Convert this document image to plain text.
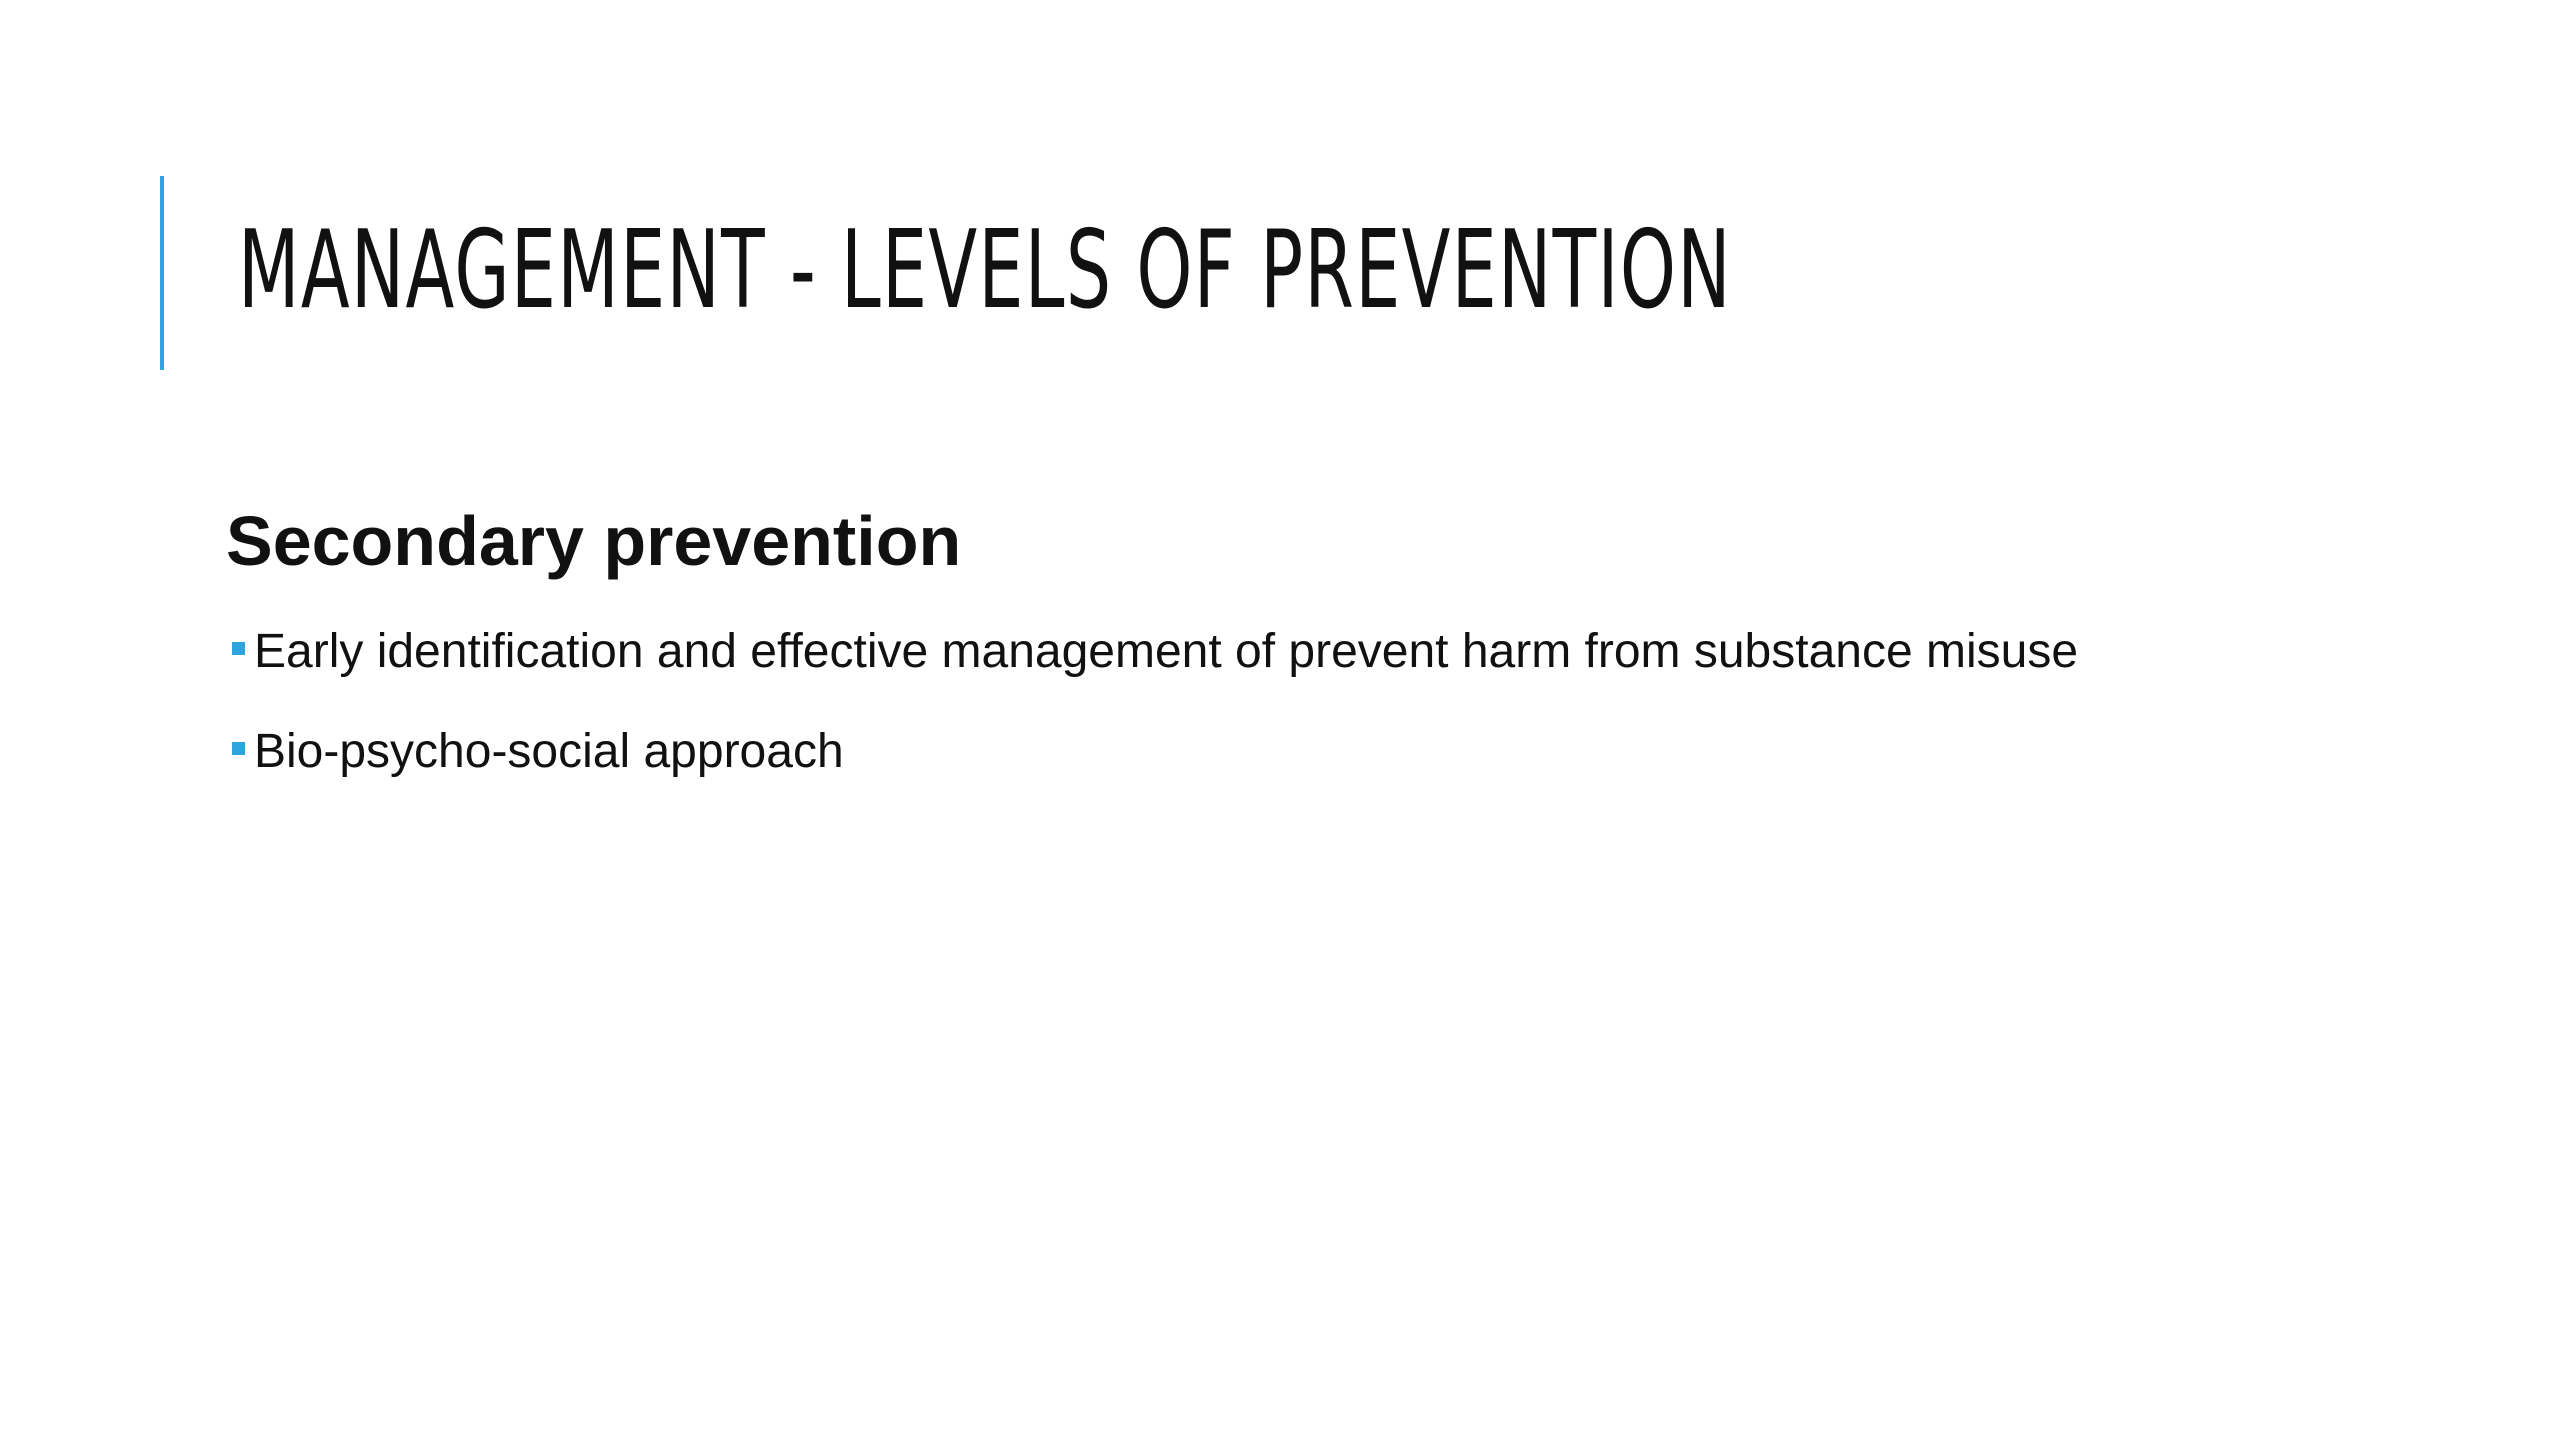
MANAGEMENT - LEVELS OF PREVENTION
Secondary prevention
Early identification and effective management of prevent harm from substance misuse
Bio-psycho-social approach
